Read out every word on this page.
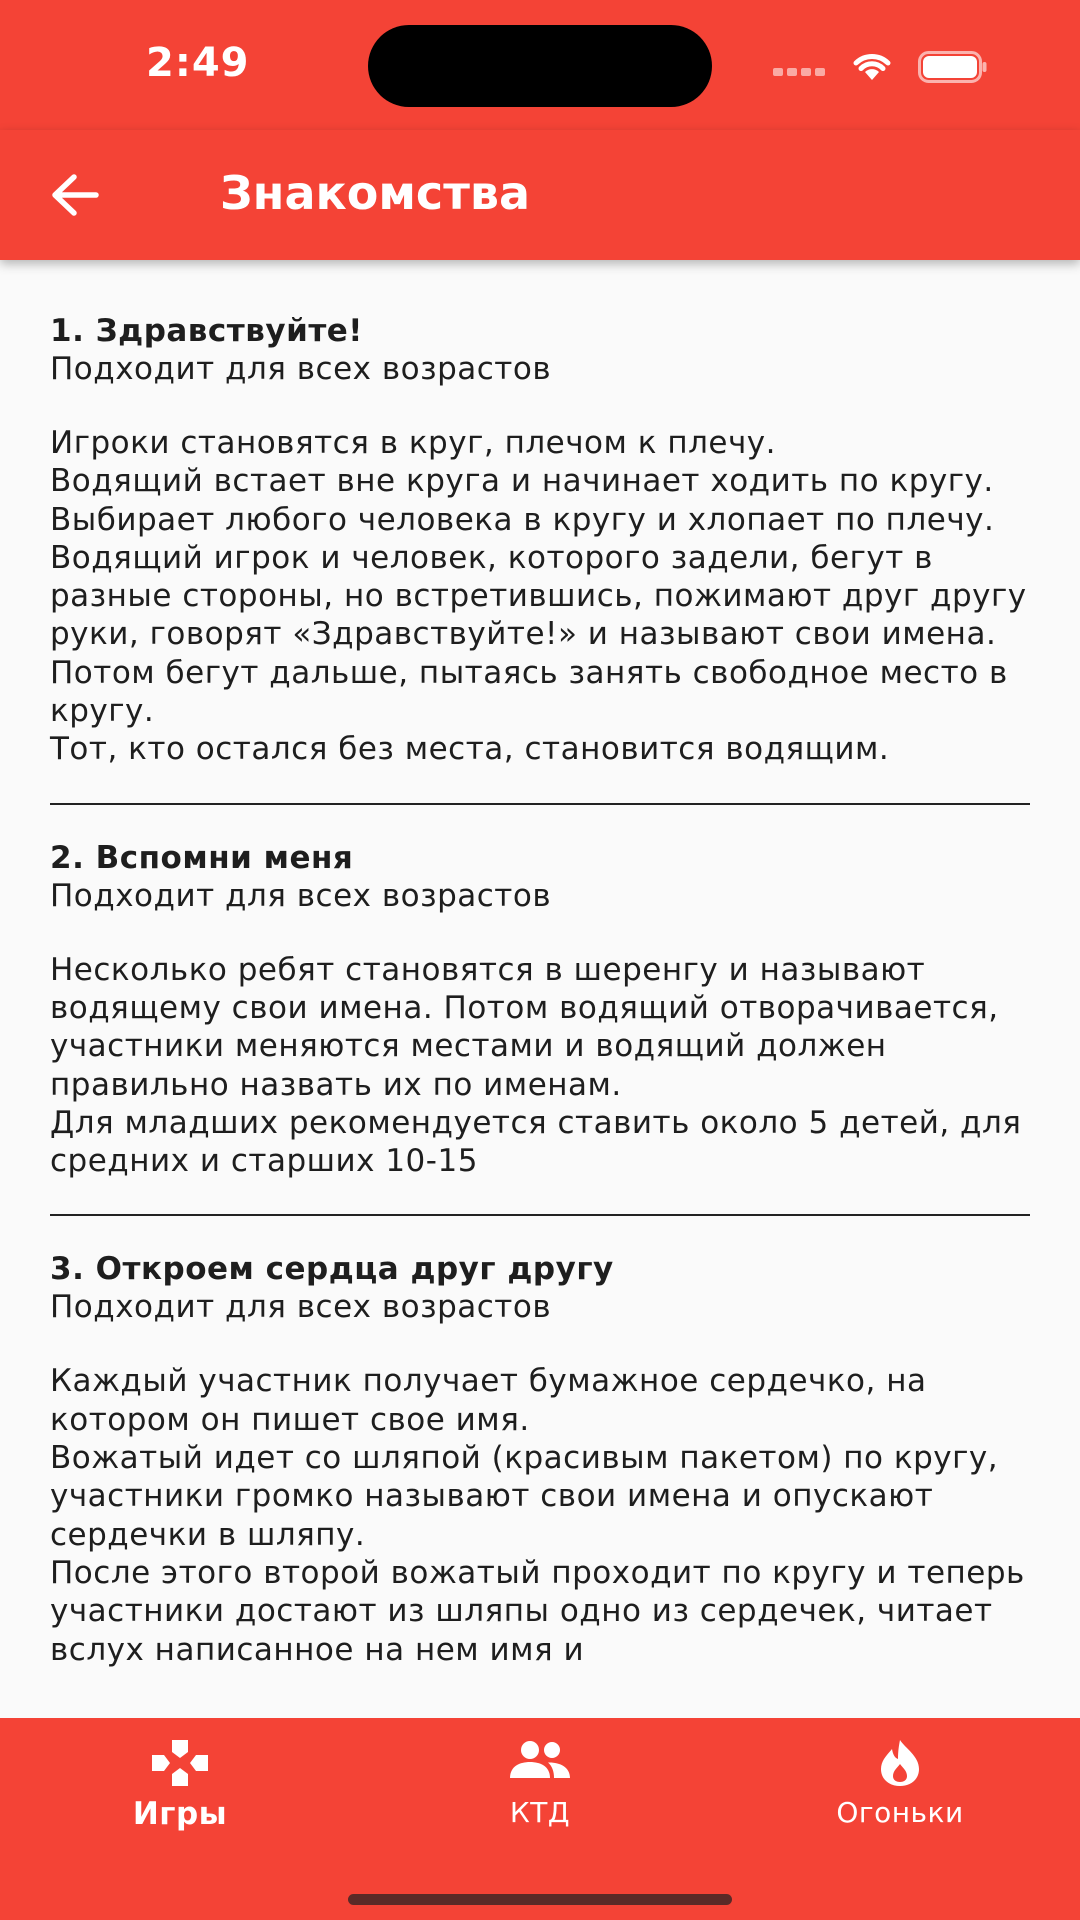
2:49
Знакомства

1. Здравствуйте!

Подходит для всех возрастов

Игроки становятся в круг, плечом к плечу.
Водящий встает вне круга и начинает ходить по кругу. Выбирает любого человека в кругу и хлопает по плечу.
Водящий игрок и человек, которого задели, бегут в разные стороны, но встретившись, пожимают друг другу руки, говорят «Здравствуйте!» и называют свои имена.
Потом бегут дальше, пытаясь занять свободное место в кругу.
Тот, кто остался без места, становится водящим.

2. Вспомни меня

Подходит для всех возрастов

Несколько ребят становятся в шеренгу и называют водящему свои имена. Потом водящий отворачивается, участники меняются местами и водящий должен правильно назвать их по именам.
Для младших рекомендуется ставить около 5 детей, для средних и старших 10-15

3. Откроем сердца друг другу

Подходит для всех возрастов

Каждый участник получает бумажное сердечко, на котором он пишет свое имя.
Вожатый идет со шляпой (красивым пакетом) по кругу, участники громко называют свои имена и опускают сердечки в шляпу.
После этого второй вожатый проходит по кругу и теперь участники достают из шляпы одно из сердечек, читает вслух написанное на нем имя и

Игры	КТД	Огоньки
